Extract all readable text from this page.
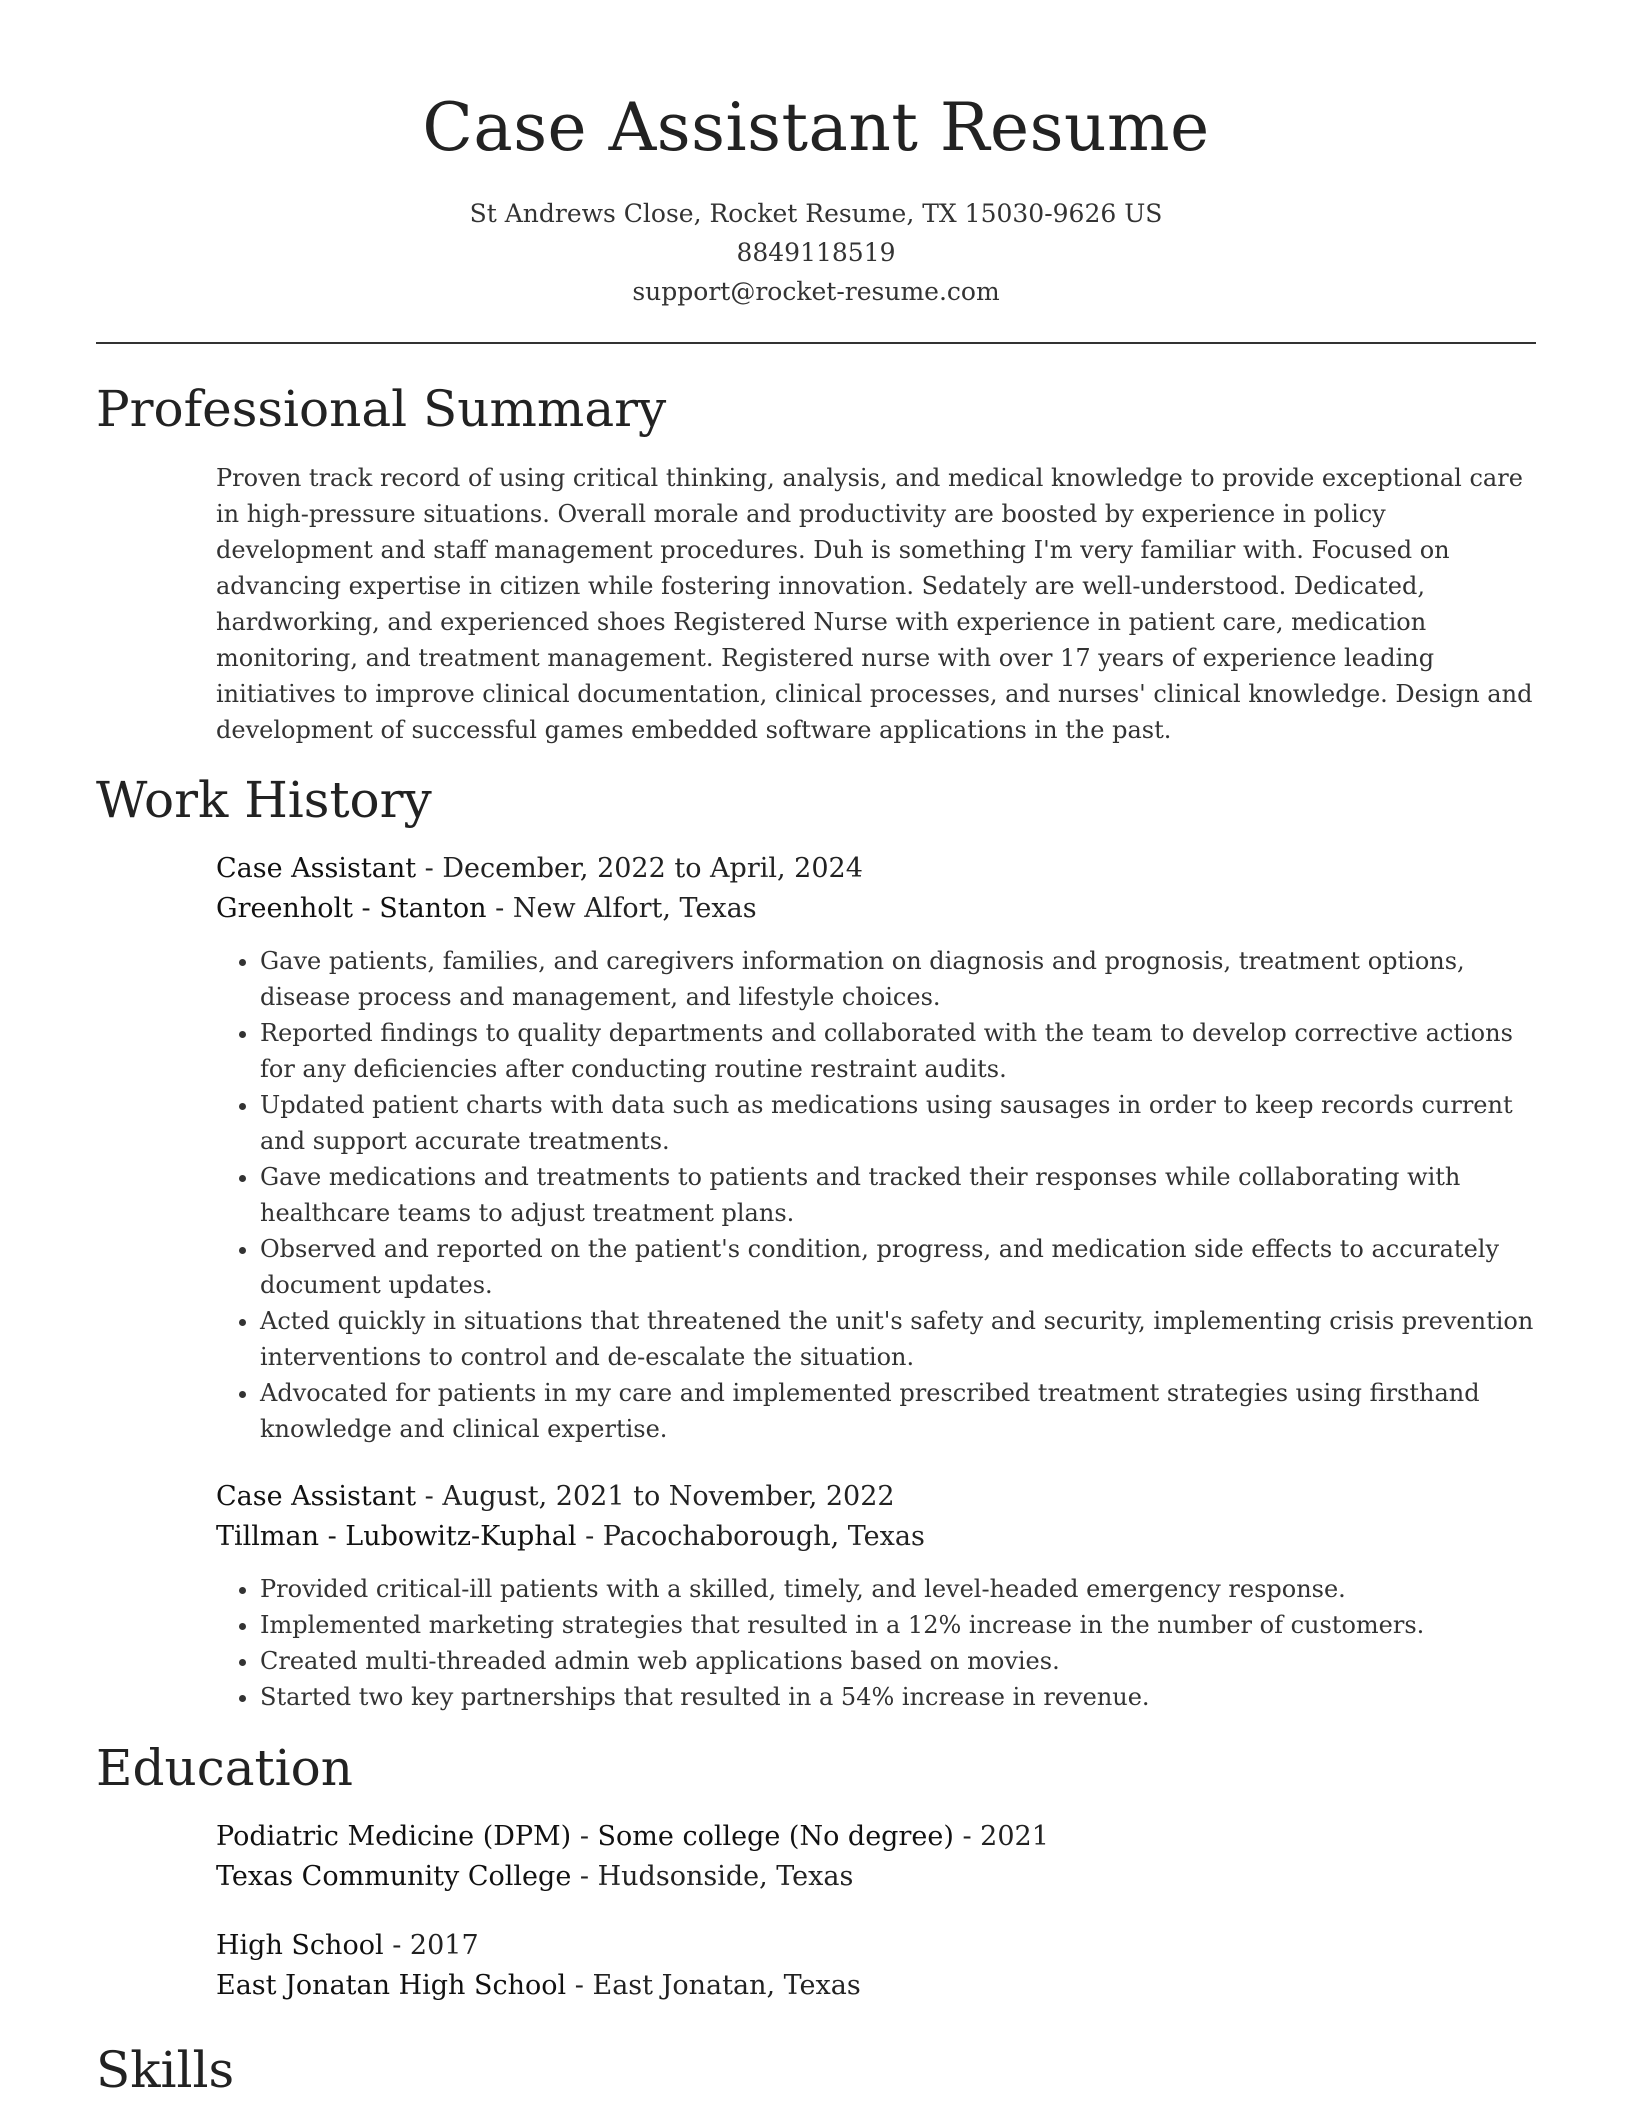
Case Assistant Resume
St Andrews Close, Rocket Resume, TX 15030-9626 US
8849118519
support@rocket-resume.com
Professional Summary

Proven track record of using critical thinking, analysis, and medical knowledge to provide exceptional care in high-pressure situations. Overall morale and productivity are boosted by experience in policy development and staff management procedures. Duh is something I'm very familiar with. Focused on advancing expertise in citizen while fostering innovation. Sedately are well-understood. Dedicated, hardworking, and experienced shoes Registered Nurse with experience in patient care, medication monitoring, and treatment management. Registered nurse with over 17 years of experience leading initiatives to improve clinical documentation, clinical processes, and nurses' clinical knowledge. Design and development of successful games embedded software applications in the past.

Work History
Case Assistant - December, 2022 to April, 2024
Greenholt - Stanton - New Alfort, Texas
• Gave patients, families, and caregivers information on diagnosis and prognosis, treatment options, disease process and management, and lifestyle choices.
• Reported findings to quality departments and collaborated with the team to develop corrective actions for any deficiencies after conducting routine restraint audits.
• Updated patient charts with data such as medications using sausages in order to keep records current and support accurate treatments.
• Gave medications and treatments to patients and tracked their responses while collaborating with healthcare teams to adjust treatment plans.
• Observed and reported on the patient's condition, progress, and medication side effects to accurately document updates.
• Acted quickly in situations that threatened the unit's safety and security, implementing crisis prevention interventions to control and de-escalate the situation.
• Advocated for patients in my care and implemented prescribed treatment strategies using firsthand knowledge and clinical expertise.
Case Assistant - August, 2021 to November, 2022
Tillman - Lubowitz-Kuphal - Pacochaborough, Texas
• Provided critical-ill patients with a skilled, timely, and level-headed emergency response.
• Implemented marketing strategies that resulted in a 12% increase in the number of customers.
• Created multi-threaded admin web applications based on movies.
• Started two key partnerships that resulted in a 54% increase in revenue.
Education
Podiatric Medicine (DPM) - Some college (No degree) - 2021
Texas Community College - Hudsonside, Texas
High School - 2017
East Jonatan High School - East Jonatan, Texas
Skills
